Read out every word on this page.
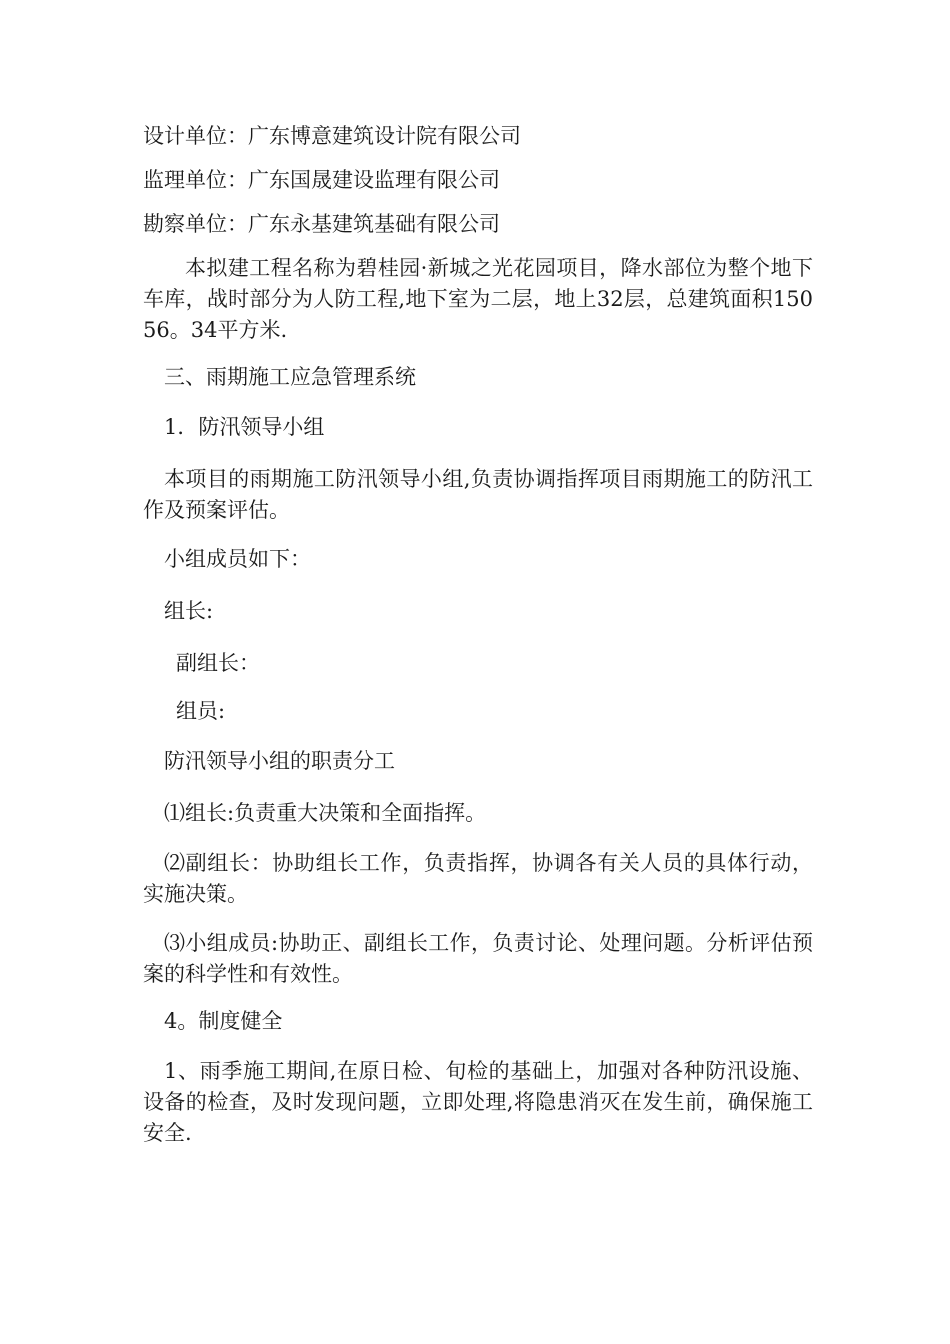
设计单位：广东博意建筑设计院有限公司
监理单位：广东国晟建设监理有限公司
勘察单位：广东永基建筑基础有限公司
本拟建工程名称为碧桂园·新城之光花园项目，降水部位为整个地下车库，战时部分为人防工程,地下室为二层，地上32层，总建筑面积15056。34平方米.
三、雨期施工应急管理系统
1．防汛领导小组
本项目的雨期施工防汛领导小组,负责协调指挥项目雨期施工的防汛工作及预案评估。
小组成员如下：
组长:
副组长：
组员:
防汛领导小组的职责分工
⑴组长:负责重大决策和全面指挥。
⑵副组长：协助组长工作，负责指挥，协调各有关人员的具体行动，实施决策。
⑶小组成员:协助正、副组长工作，负责讨论、处理问题。分析评估预案的科学性和有效性。
4。制度健全
1、雨季施工期间,在原日检、旬检的基础上，加强对各种防汛设施、设备的检查，及时发现问题，立即处理,将隐患消灭在发生前，确保施工安全.
